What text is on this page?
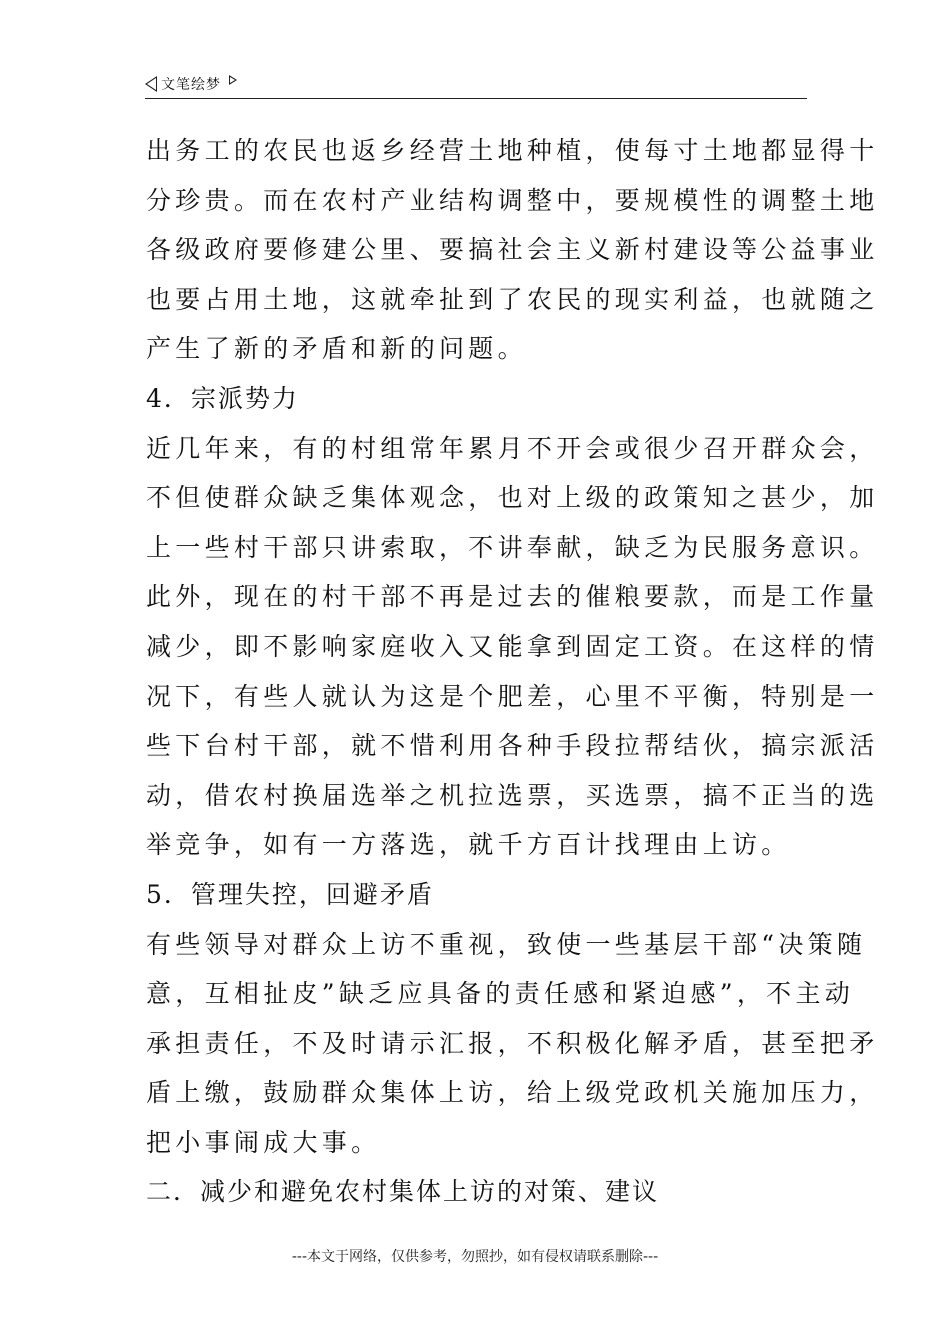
文笔绘梦
出务工的农民也返乡经营土地种植，使每寸土地都显得十
分珍贵。而在农村产业结构调整中，要规模性的调整土地
各级政府要修建公里、要搞社会主义新村建设等公益事业
也要占用土地，这就牵扯到了农民的现实利益，也就随之
产生了新的矛盾和新的问题。
4．宗派势力
近几年来，有的村组常年累月不开会或很少召开群众会，
不但使群众缺乏集体观念，也对上级的政策知之甚少，加
上一些村干部只讲索取，不讲奉献，缺乏为民服务意识。
此外，现在的村干部不再是过去的催粮要款，而是工作量
减少，即不影响家庭收入又能拿到固定工资。在这样的情
况下，有些人就认为这是个肥差，心里不平衡，特别是一
些下台村干部，就不惜利用各种手段拉帮结伙，搞宗派活
动，借农村换届选举之机拉选票，买选票，搞不正当的选
举竞争，如有一方落选，就千方百计找理由上访。
5．管理失控，回避矛盾
有些领导对群众上访不重视，致使一些基层干部“决策随
意，互相扯皮”缺乏应具备的责任感和紧迫感”，不主动
承担责任，不及时请示汇报，不积极化解矛盾，甚至把矛
盾上缴，鼓励群众集体上访，给上级党政机关施加压力，
把小事闹成大事。
二．减少和避免农村集体上访的对策、建议
---本文于网络，仅供参考，勿照抄，如有侵权请联系删除---
